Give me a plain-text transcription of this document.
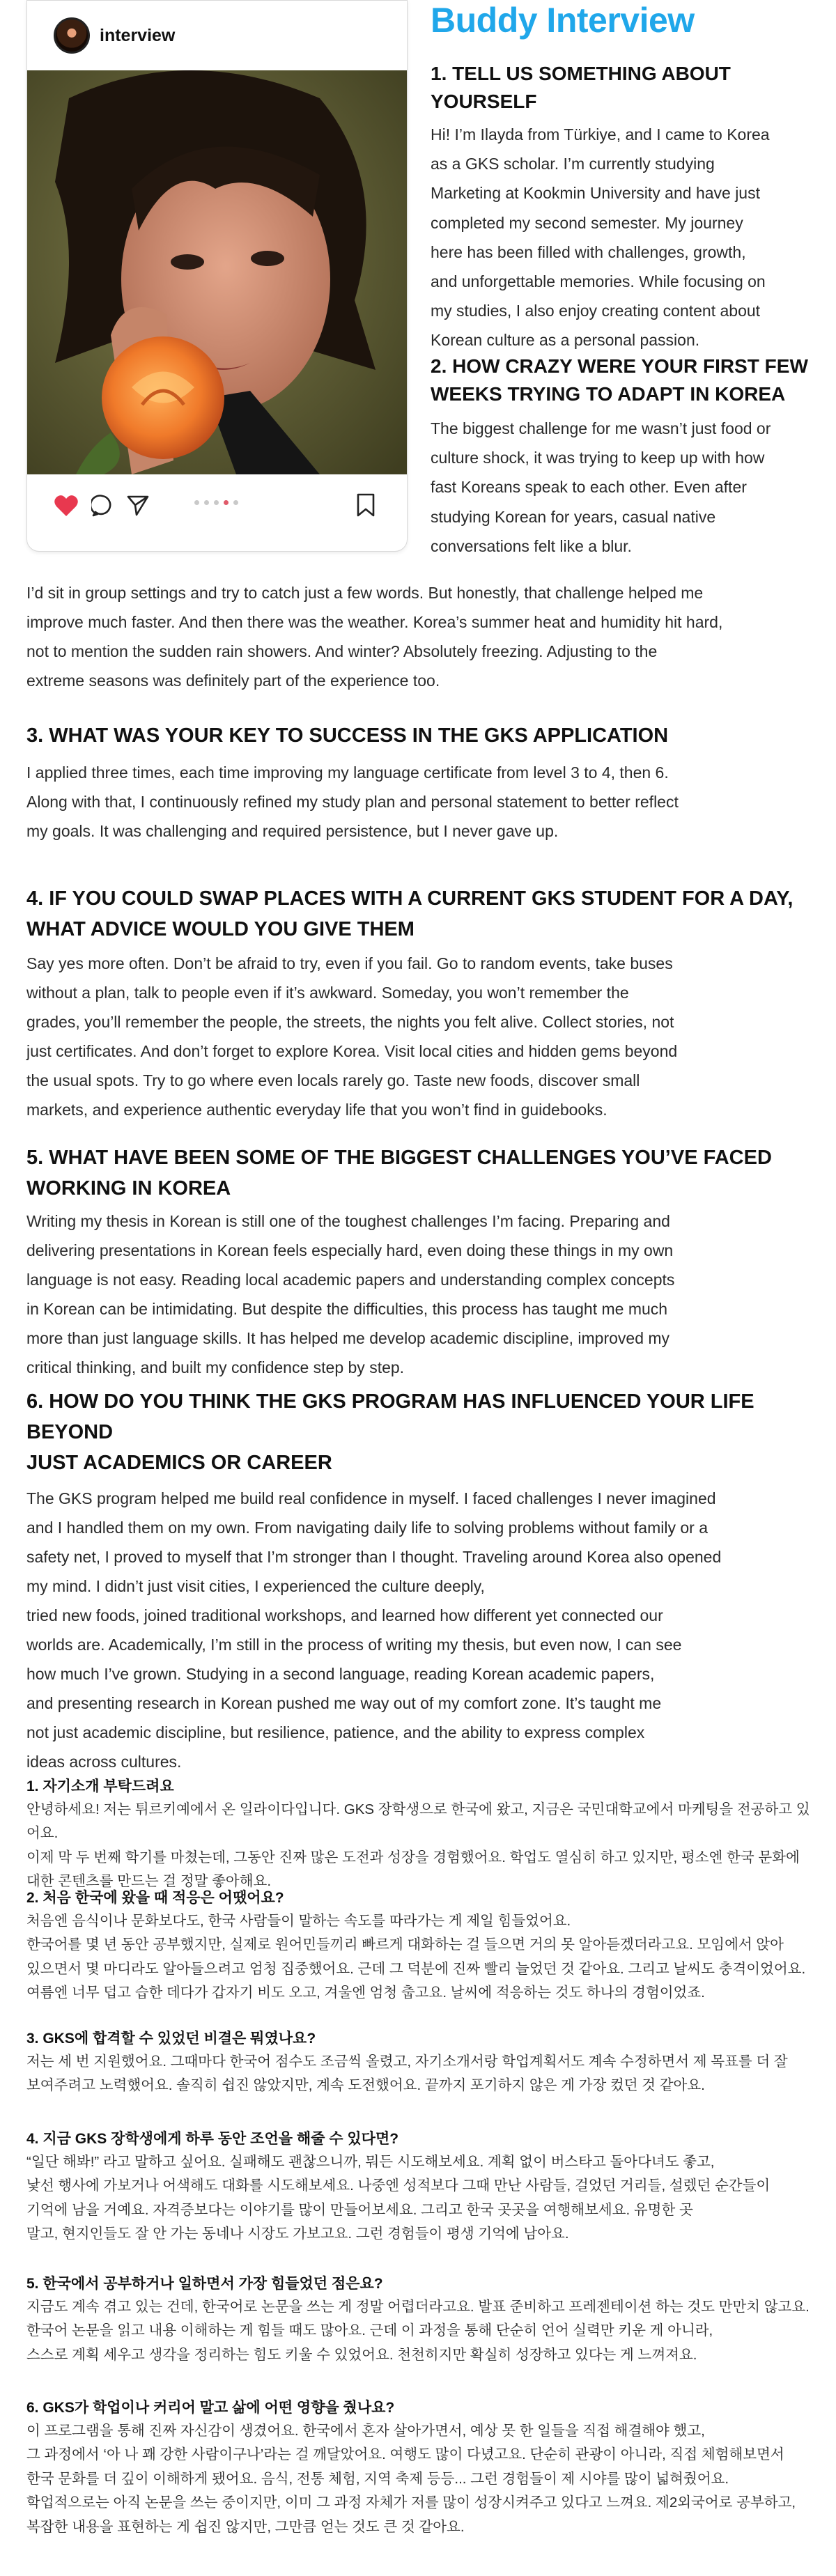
interview	Buddy Interview
1. TELL US SOMETHING ABOUT YOURSELF

Hi! I’m Ilayda from Türkiye, and I came to Korea

as a GKS scholar. I’m currently studying

Marketing at Kookmin University and have just

completed my second semester. My journey

here has been filled with challenges, growth,

and unforgettable memories. While focusing on

my studies, I also enjoy creating content about

Korean culture as a personal passion.

2. HOW CRAZY WERE YOUR FIRST FEW
WEEKS TRYING TO ADAPT IN KOREA

The biggest challenge for me wasn’t just food or

culture shock, it was trying to keep up with how

fast Koreans speak to each other. Even after

studying Korean for years, casual native

conversations felt like a blur.

I’d sit in group settings and try to catch just a few words. But honestly, that challenge helped me

improve much faster. And then there was the weather. Korea’s summer heat and humidity hit hard,

not to mention the sudden rain showers. And winter? Absolutely freezing. Adjusting to the

extreme seasons was definitely part of the experience too.

3. WHAT WAS YOUR KEY TO SUCCESS IN THE GKS APPLICATION

I applied three times, each time improving my language certificate from level 3 to 4, then 6.

Along with that, I continuously refined my study plan and personal statement to better reflect

my goals. It was challenging and required persistence, but I never gave up.

4. IF YOU COULD SWAP PLACES WITH A CURRENT GKS STUDENT FOR A DAY,
WHAT ADVICE WOULD YOU GIVE THEM

Say yes more often. Don’t be afraid to try, even if you fail. Go to random events, take buses

without a plan, talk to people even if it’s awkward. Someday, you won’t remember the

grades, you’ll remember the people, the streets, the nights you felt alive. Collect stories, not

just certificates. And don’t forget to explore Korea. Visit local cities and hidden gems beyond

the usual spots. Try to go where even locals rarely go. Taste new foods, discover small

markets, and experience authentic everyday life that you won’t find in guidebooks.

5. WHAT HAVE BEEN SOME OF THE BIGGEST CHALLENGES YOU’VE FACED
WORKING IN KOREA

Writing my thesis in Korean is still one of the toughest challenges I’m facing. Preparing and

delivering presentations in Korean feels especially hard, even doing these things in my own

language is not easy. Reading local academic papers and understanding complex concepts

in Korean can be intimidating. But despite the difficulties, this process has taught me much

more than just language skills. It has helped me develop academic discipline, improved my

critical thinking, and built my confidence step by step.

6. HOW DO YOU THINK THE GKS PROGRAM HAS INFLUENCED YOUR LIFE BEYOND
JUST ACADEMICS OR CAREER

The GKS program helped me build real confidence in myself. I faced challenges I never imagined

and I handled them on my own. From navigating daily life to solving problems without family or a

safety net, I proved to myself that I’m stronger than I thought. Traveling around Korea also opened

my mind. I didn’t just visit cities, I experienced the culture deeply,

tried new foods, joined traditional workshops, and learned how different yet connected our

worlds are. Academically, I’m still in the process of writing my thesis, but even now, I can see

how much I’ve grown. Studying in a second language, reading Korean academic papers,

and presenting research in Korean pushed me way out of my comfort zone. It’s taught me

not just academic discipline, but resilience, patience, and the ability to express complex

ideas across cultures.

1. 자기소개 부탁드려요

안녕하세요! 저는 튀르키예에서 온 일라이다입니다. GKS 장학생으로 한국에 왔고, 지금은 국민대학교에서 마케팅을 전공하고 있어요.

이제 막 두 번째 학기를 마쳤는데, 그동안 진짜 많은 도전과 성장을 경험했어요. 학업도 열심히 하고 있지만, 평소엔 한국 문화에

대한 콘텐츠를 만드는 걸 정말 좋아해요.

2. 처음 한국에 왔을 때 적응은 어땠어요?

처음엔 음식이나 문화보다도, 한국 사람들이 말하는 속도를 따라가는 게 제일 힘들었어요.

한국어를 몇 년 동안 공부했지만, 실제로 원어민들끼리 빠르게 대화하는 걸 들으면 거의 못 알아듣겠더라고요. 모임에서 앉아

있으면서 몇 마디라도 알아들으려고 엄청 집중했어요. 근데 그 덕분에 진짜 빨리 늘었던 것 같아요. 그리고 날씨도 충격이었어요.

여름엔 너무 덥고 습한 데다가 갑자기 비도 오고, 겨울엔 엄청 춥고요. 날씨에 적응하는 것도 하나의 경험이었죠.

3. GKS에 합격할 수 있었던 비결은 뭐였나요?

저는 세 번 지원했어요. 그때마다 한국어 점수도 조금씩 올렸고, 자기소개서랑 학업계획서도 계속 수정하면서 제 목표를 더 잘

보여주려고 노력했어요. 솔직히 쉽진 않았지만, 계속 도전했어요. 끝까지 포기하지 않은 게 가장 컸던 것 같아요.

4. 지금 GKS 장학생에게 하루 동안 조언을 해줄 수 있다면?

“일단 해봐!” 라고 말하고 싶어요. 실패해도 괜찮으니까, 뭐든 시도해보세요. 계획 없이 버스타고 돌아다녀도 좋고,

낯선 행사에 가보거나 어색해도 대화를 시도해보세요. 나중엔 성적보다 그때 만난 사람들, 걸었던 거리들, 설렜던 순간들이

기억에 남을 거예요. 자격증보다는 이야기를 많이 만들어보세요. 그리고 한국 곳곳을 여행해보세요. 유명한 곳

말고, 현지인들도 잘 안 가는 동네나 시장도 가보고요. 그런 경험들이 평생 기억에 남아요.

5. 한국에서 공부하거나 일하면서 가장 힘들었던 점은요?

지금도 계속 겪고 있는 건데, 한국어로 논문을 쓰는 게 정말 어렵더라고요. 발표 준비하고 프레젠테이션 하는 것도 만만치 않고요.

한국어 논문을 읽고 내용 이해하는 게 힘들 때도 많아요. 근데 이 과정을 통해 단순히 언어 실력만 키운 게 아니라,

스스로 계획 세우고 생각을 정리하는 힘도 키울 수 있었어요. 천천히지만 확실히 성장하고 있다는 게 느껴져요.

6. GKS가 학업이나 커리어 말고 삶에 어떤 영향을 줬나요?

이 프로그램을 통해 진짜 자신감이 생겼어요. 한국에서 혼자 살아가면서, 예상 못 한 일들을 직접 해결해야 했고,

그 과정에서 ‘아 나 꽤 강한 사람이구나’라는 걸 깨달았어요. 여행도 많이 다녔고요. 단순히 관광이 아니라, 직접 체험해보면서

한국 문화를 더 깊이 이해하게 됐어요. 음식, 전통 체험, 지역 축제 등등... 그런 경험들이 제 시야를 많이 넓혀줬어요.

학업적으로는 아직 논문을 쓰는 중이지만, 이미 그 과정 자체가 저를 많이 성장시켜주고 있다고 느껴요. 제2외국어로 공부하고,

복잡한 내용을 표현하는 게 쉽진 않지만, 그만큼 얻는 것도 큰 것 같아요.
